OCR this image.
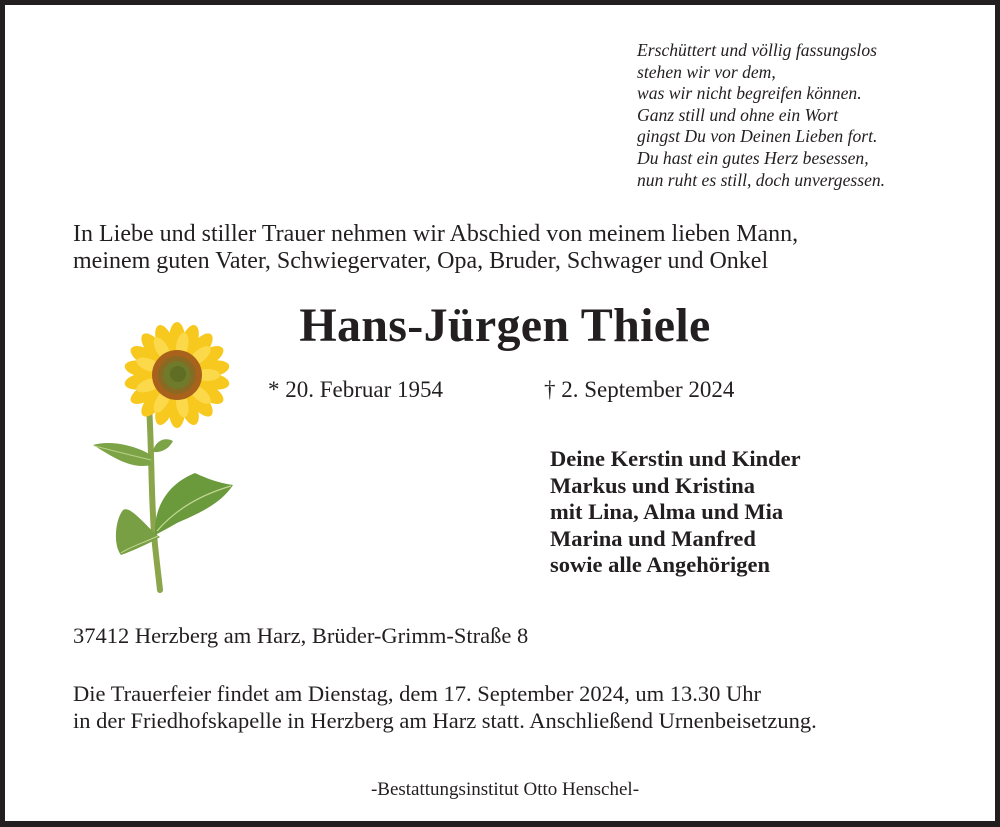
Erschüttert und völlig fassungslos
stehen wir vor dem,
was wir nicht begreifen können.
Ganz still und ohne ein Wort
gingst Du von Deinen Lieben fort.
Du hast ein gutes Herz besessen,
nun ruht es still, doch unvergessen.
In Liebe und stiller Trauer nehmen wir Abschied von meinem lieben Mann,
meinem guten Vater, Schwiegervater, Opa, Bruder, Schwager und Onkel
Hans-Jürgen Thiele
* 20. Februar 1954	† 2. September 2024
Deine Kerstin und Kinder
Markus und Kristina
mit Lina, Alma und Mia
Marina und Manfred
sowie alle Angehörigen
37412 Herzberg am Harz, Brüder-Grimm-Straße 8
Die Trauerfeier findet am Dienstag, dem 17. September 2024, um 13.30 Uhr
in der Friedhofskapelle in Herzberg am Harz statt. Anschließend Urnenbeisetzung.
-Bestattungsinstitut Otto Henschel-
